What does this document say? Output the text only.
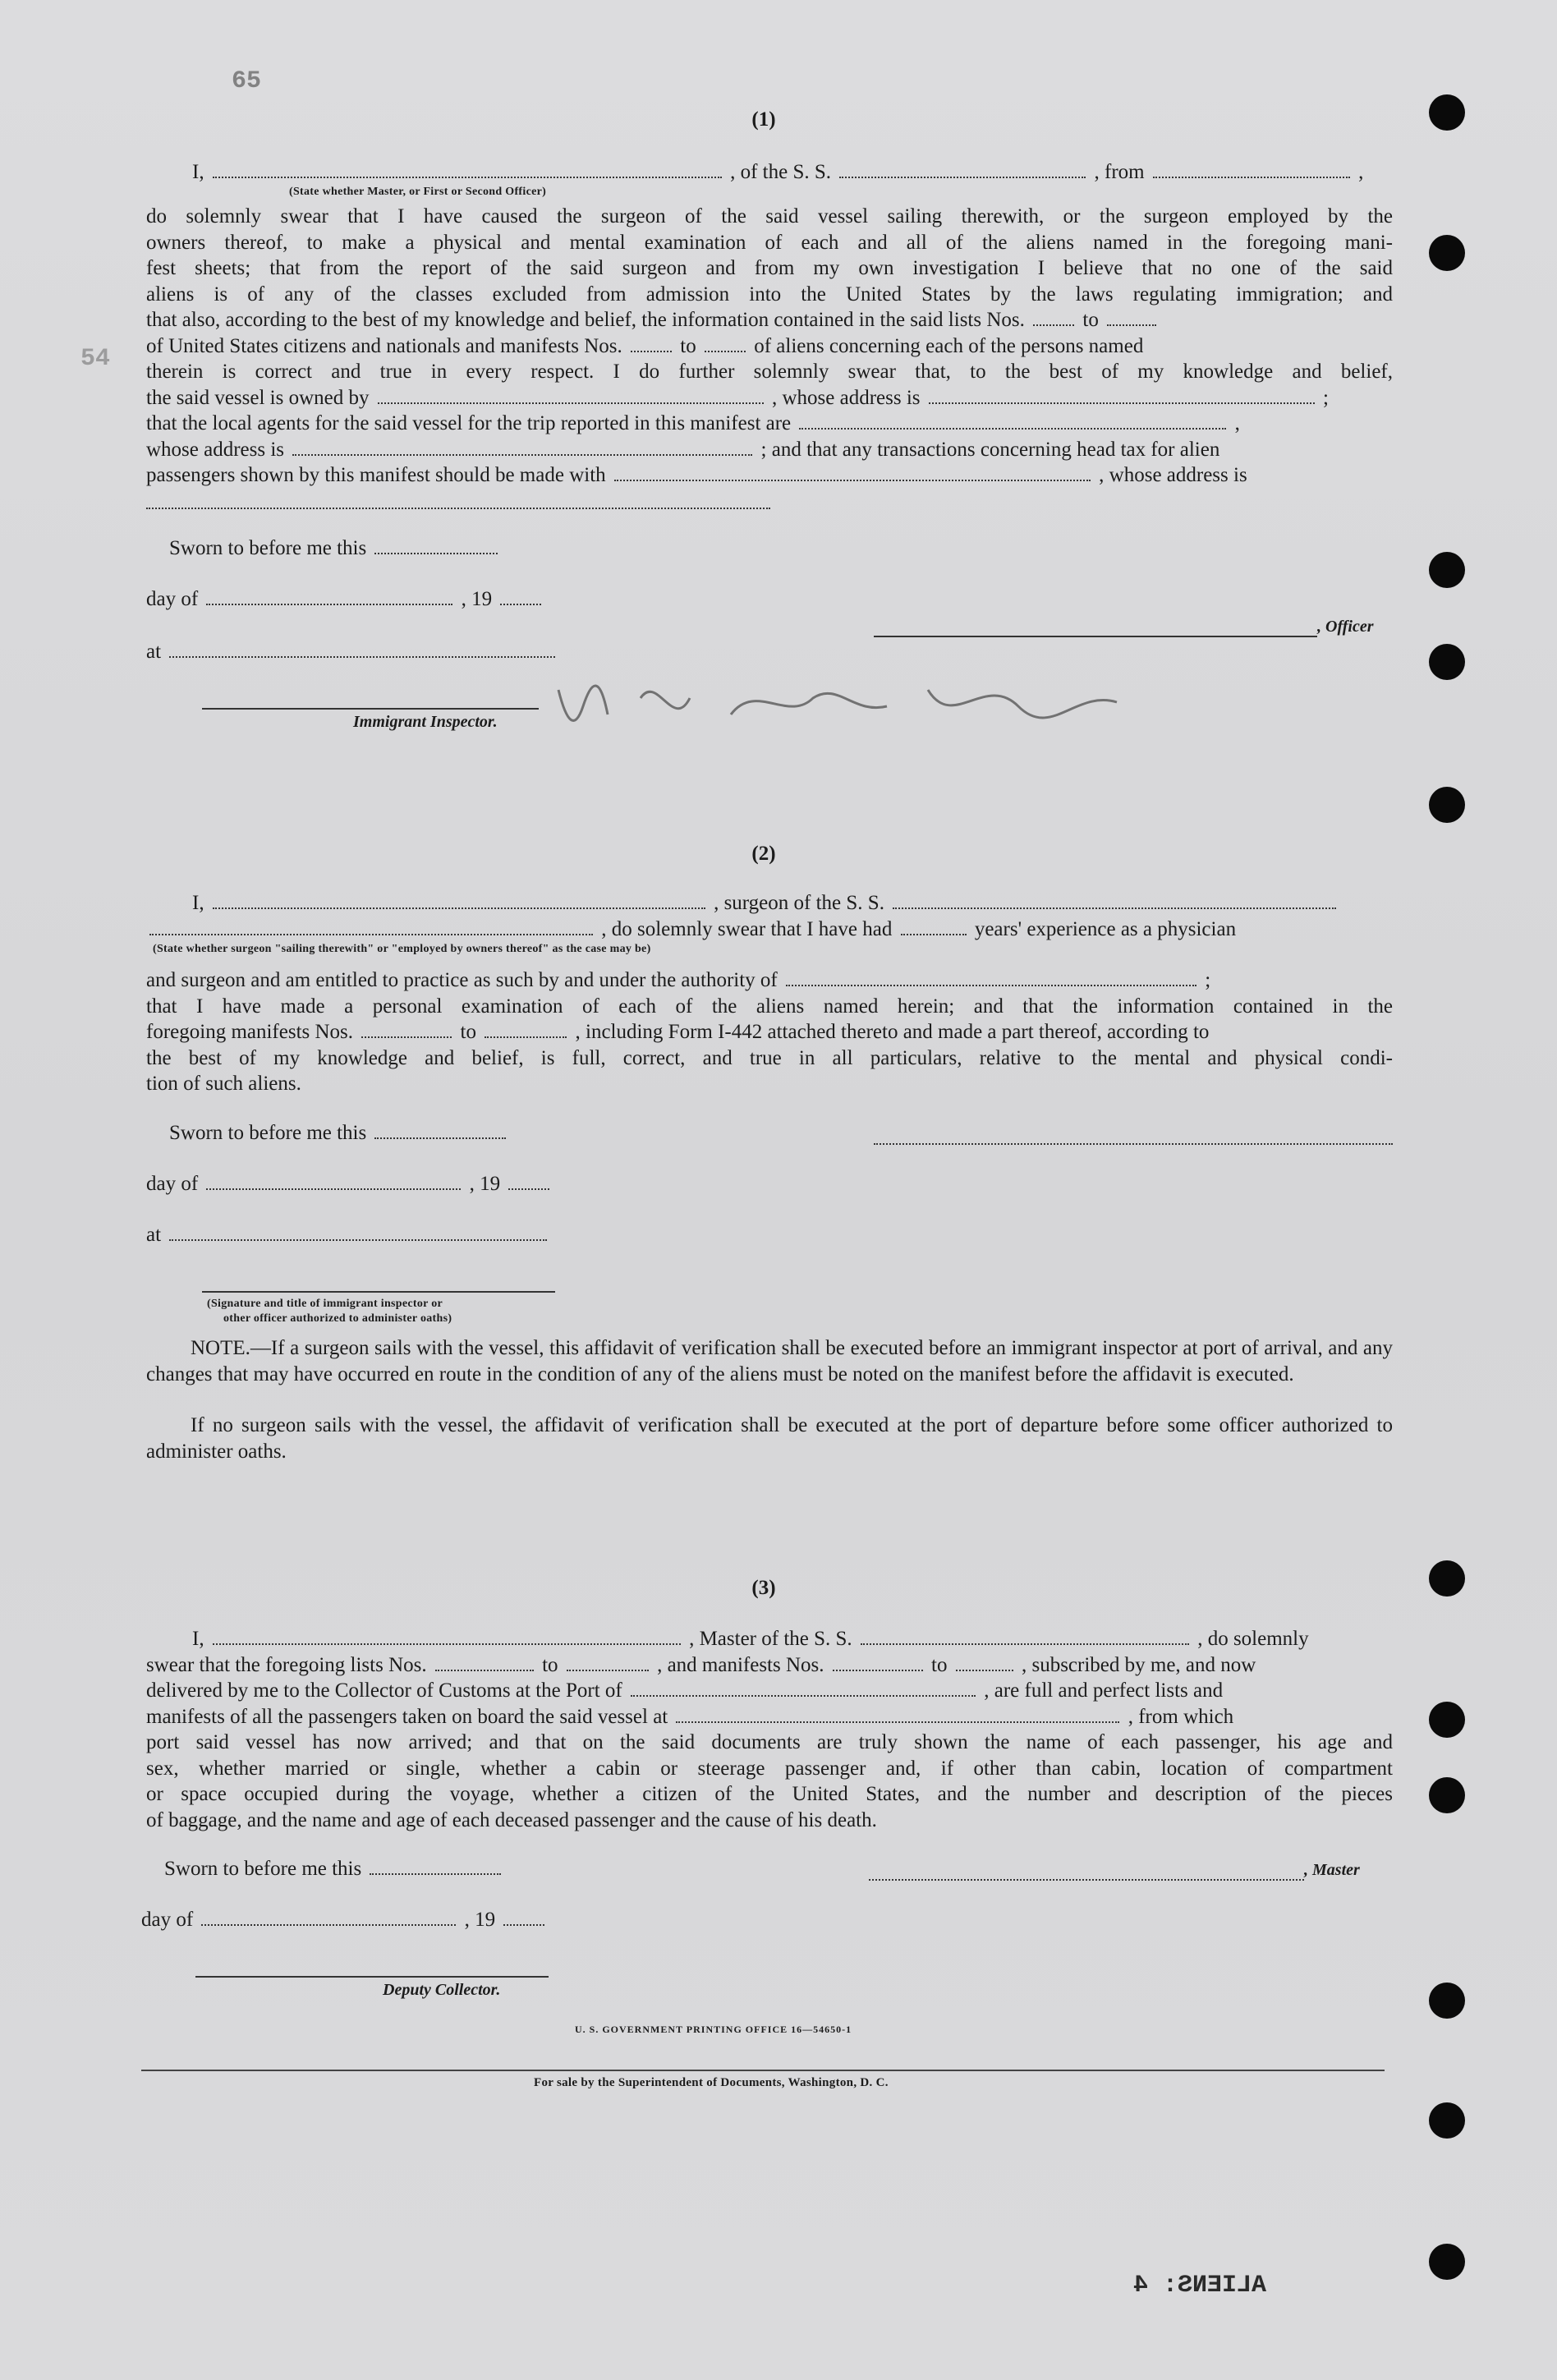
65
54
(1)
I,	, of the S. S.	, from	,
(State whether Master, or First or Second Officer)
do solemnly swear that I have caused the surgeon of the said vessel sailing therewith, or the surgeon employed by the
owners thereof, to make a physical and mental examination of each and all of the aliens named in the foregoing mani-
fest sheets; that from the report of the said surgeon and from my own investigation I believe that no one of the said
aliens is of any of the classes excluded from admission into the United States by the laws regulating immigration; and
that also, according to the best of my knowledge and belief, the information contained in the said lists Nos.	to
of United States citizens and nationals and manifests Nos.	to	of aliens concerning each of the persons named
therein is correct and true in every respect. I do further solemnly swear that, to the best of my knowledge and belief,
the said vessel is owned by	, whose address is	;
that the local agents for the said vessel for the trip reported in this manifest are	,
whose address is	; and that any transactions concerning head tax for alien
passengers shown by this manifest should be made with	, whose address is
Sworn to before me this
day of	, 19
at
, Officer
Immigrant Inspector.
(2)
I,	, surgeon of the S. S.
, do solemnly swear that I have had	years' experience as a physician
(State whether surgeon "sailing therewith" or "employed by owners thereof" as the case may be)
and surgeon and am entitled to practice as such by and under the authority of	;
that I have made a personal examination of each of the aliens named herein; and that the information contained in the
foregoing manifests Nos.	to	, including Form I-442 attached thereto and made a part thereof, according to
the best of my knowledge and belief, is full, correct, and true in all particulars, relative to the mental and physical condi-
tion of such aliens.
Sworn to before me this
day of	, 19
at
(Signature and title of immigrant inspector or
other officer authorized to administer oaths)
NOTE.—If a surgeon sails with the vessel, this affidavit of verification shall be executed before an immigrant inspector at port of arrival, and any changes that may have occurred en route in the condition of any of the aliens must be noted on the manifest before the affidavit is executed.
If no surgeon sails with the vessel, the affidavit of verification shall be executed at the port of departure before some officer authorized to administer oaths.
(3)
I,	, Master of the S. S.	, do solemnly
swear that the foregoing lists Nos.	to	, and manifests Nos.	to	, subscribed by me, and now
delivered by me to the Collector of Customs at the Port of	, are full and perfect lists and
manifests of all the passengers taken on board the said vessel at	, from which
port said vessel has now arrived; and that on the said documents are truly shown the name of each passenger, his age and
sex, whether married or single, whether a cabin or steerage passenger and, if other than cabin, location of compartment
or space occupied during the voyage, whether a citizen of the United States, and the number and description of the pieces
of baggage, and the name and age of each deceased passenger and the cause of his death.
Sworn to before me this	, Master
day of	, 19
Deputy Collector.
U. S. GOVERNMENT PRINTING OFFICE 16—54650-1
For sale by the Superintendent of Documents, Washington, D. C.
ALIENS: 4
